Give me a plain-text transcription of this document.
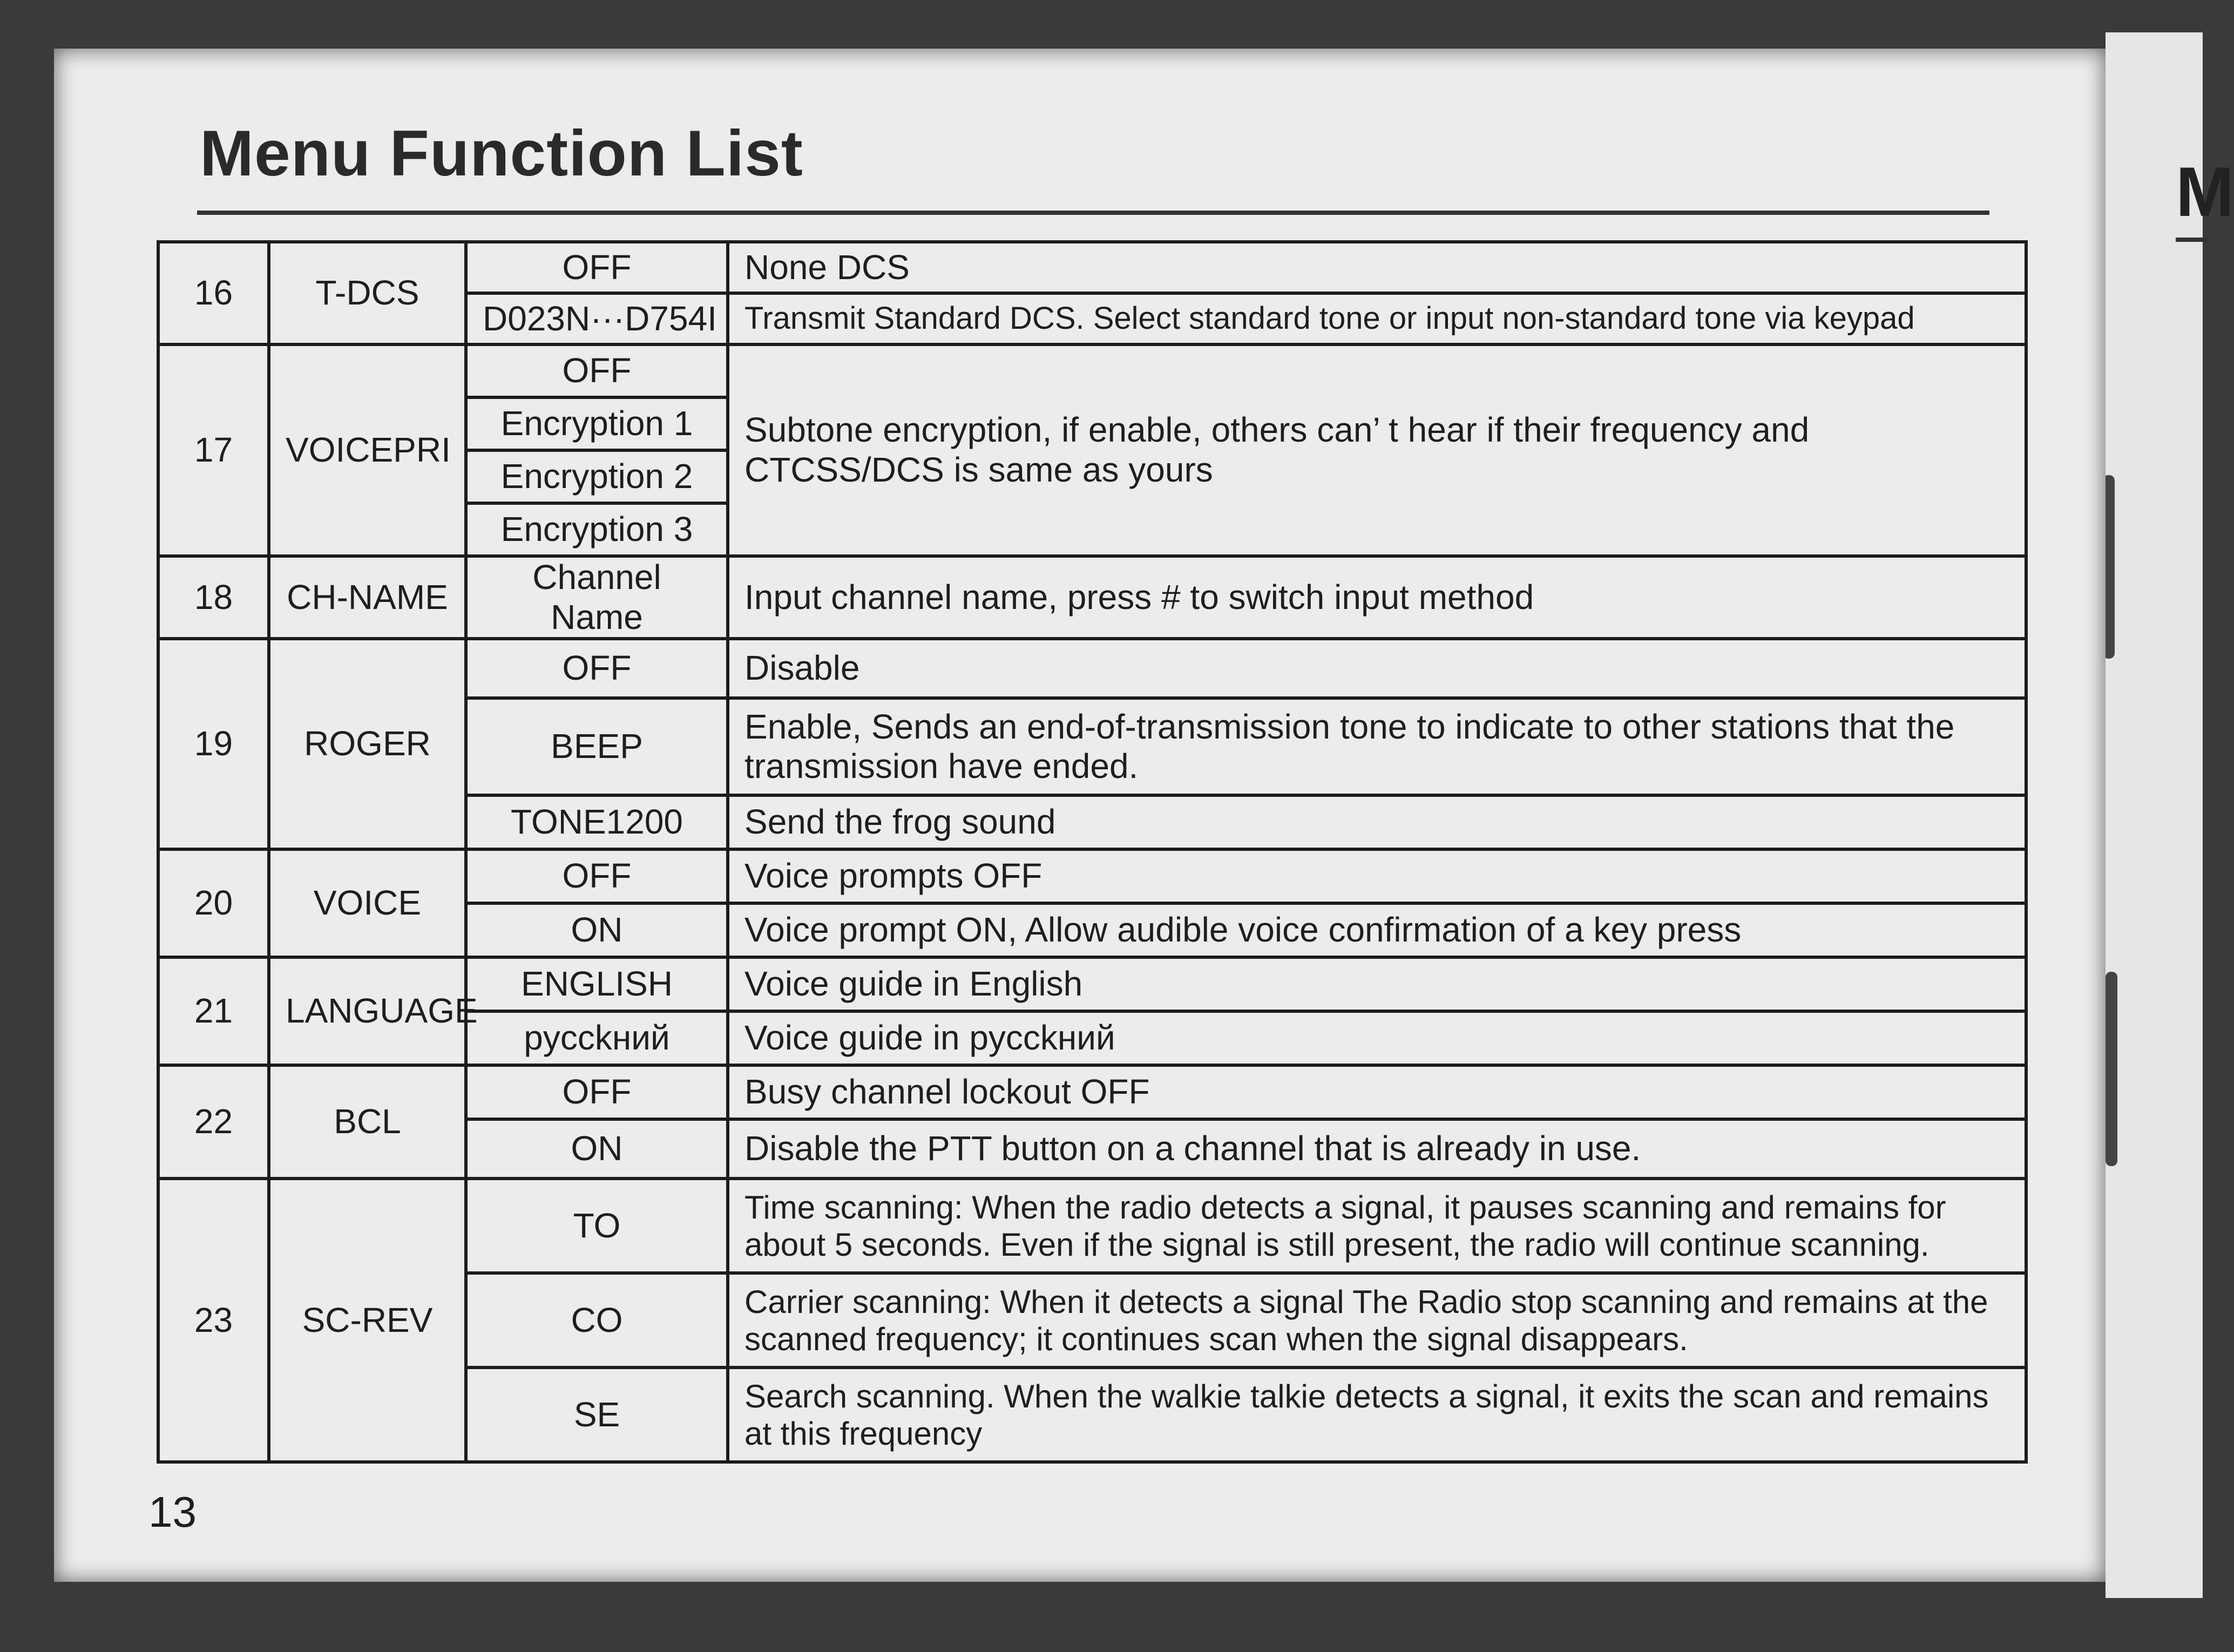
M
Menu Function List
16	T-DCS	OFF	None DCS
		D023N···D754I	Transmit Standard DCS. Select standard tone or input non-standard tone via keypad
17	VOICEPRI	OFF	Subtone encryption, if enable, others can’ t hear if their frequency and CTCSS/DCS is same as yours
		Encryption 1	
		Encryption 2	
		Encryption 3	
18	CH-NAME	Channel Name	Input channel name, press # to switch input method
19	ROGER	OFF	Disable
		BEEP	Enable, Sends an end-of-transmission tone to indicate to other stations that the transmission have ended.
		TONE1200	Send the frog sound
20	VOICE	OFF	Voice prompts OFF
		ON	Voice prompt ON, Allow audible voice confirmation of a key press
21	LANGUAGE	ENGLISH	Voice guide in English
		pycckний	Voice guide in pycckний
22	BCL	OFF	Busy channel lockout OFF
		ON	Disable the PTT button on a channel that is already in use.
23	SC-REV	TO	Time scanning: When the radio detects a signal, it pauses scanning and remains for about 5 seconds. Even if the signal is still present, the radio will continue scanning.
		CO	Carrier scanning: When it detects a signal The Radio stop scanning and remains at the scanned frequency; it continues scan when the signal disappears.
		SE	Search scanning. When the walkie talkie detects a signal, it exits the scan and remains at this frequency
13
